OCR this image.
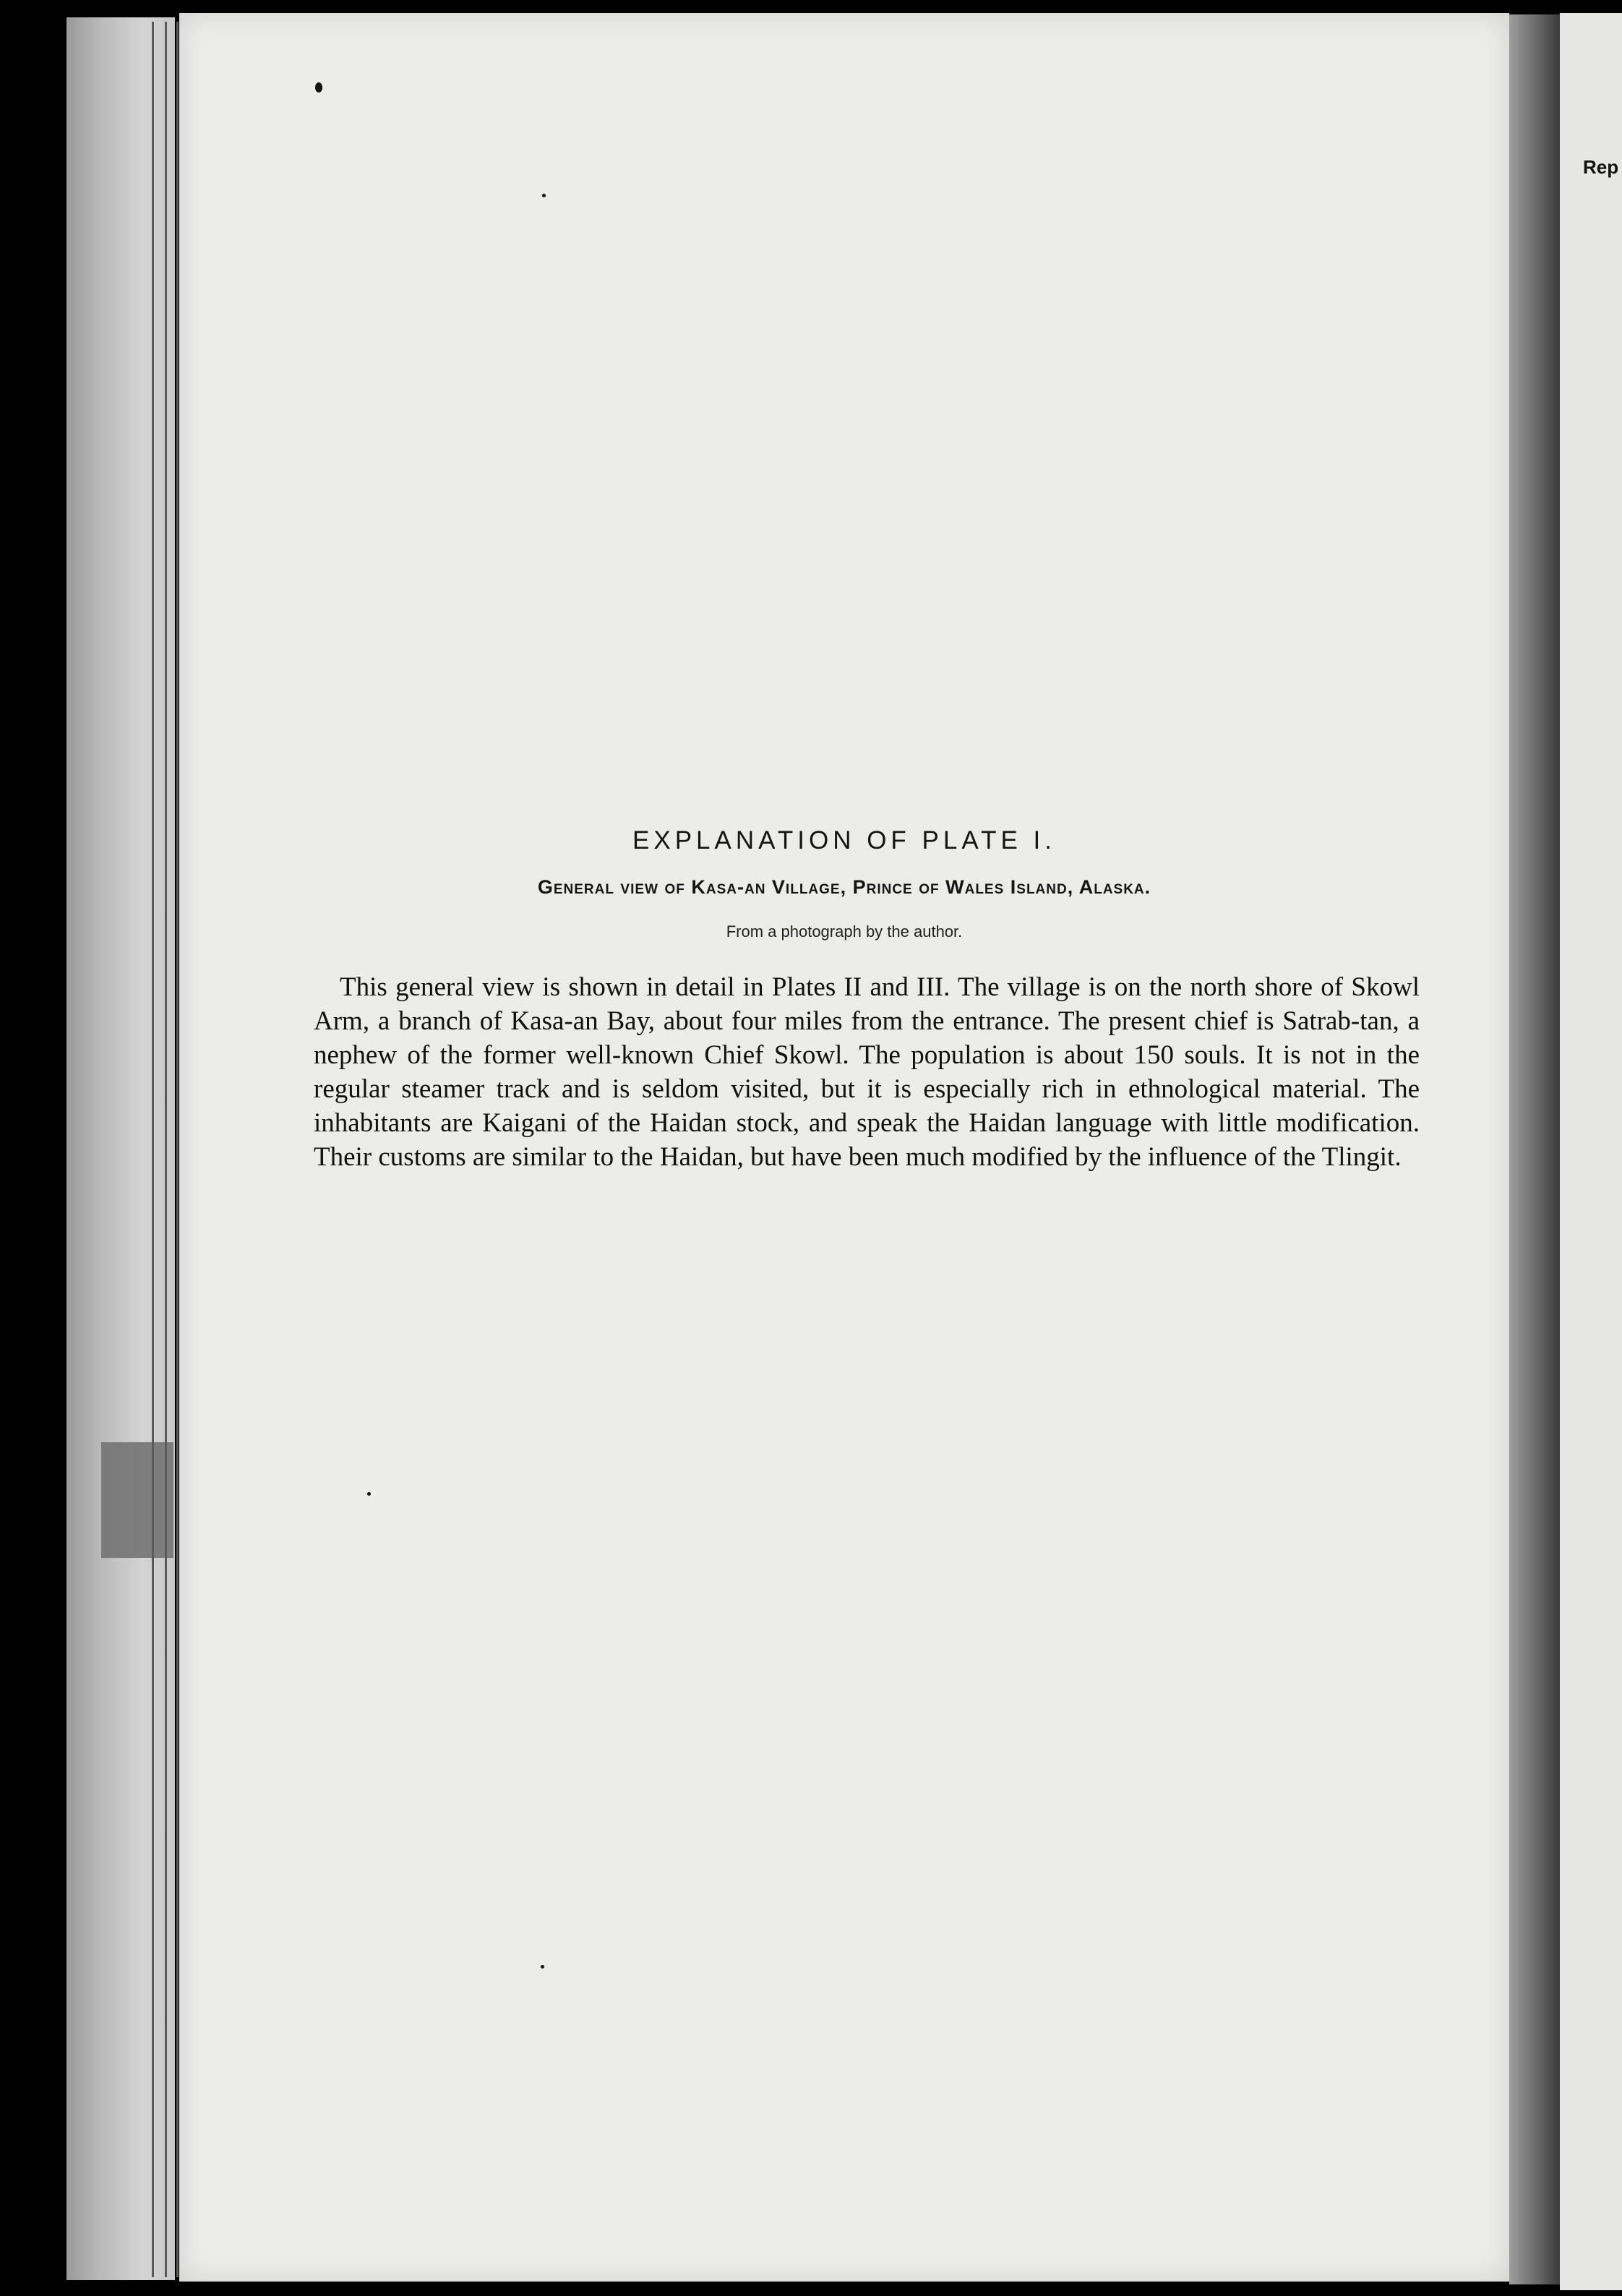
Rep
EXPLANATION OF PLATE I.
General view of Kasa-an Village, Prince of Wales Island, Alaska.

From a photograph by the author.

This general view is shown in detail in Plates II and III. The village is on the north shore of Skowl Arm, a branch of Kasa-an Bay, about four miles from the entrance. The present chief is Satrab-tan, a nephew of the former well-known Chief Skowl. The population is about 150 souls. It is not in the regular steamer track and is seldom visited, but it is especially rich in ethnological material. The inhabitants are Kaigani of the Haidan stock, and speak the Haidan language with little modification. Their customs are similar to the Haidan, but have been much modified by the influence of the Tlingit.
